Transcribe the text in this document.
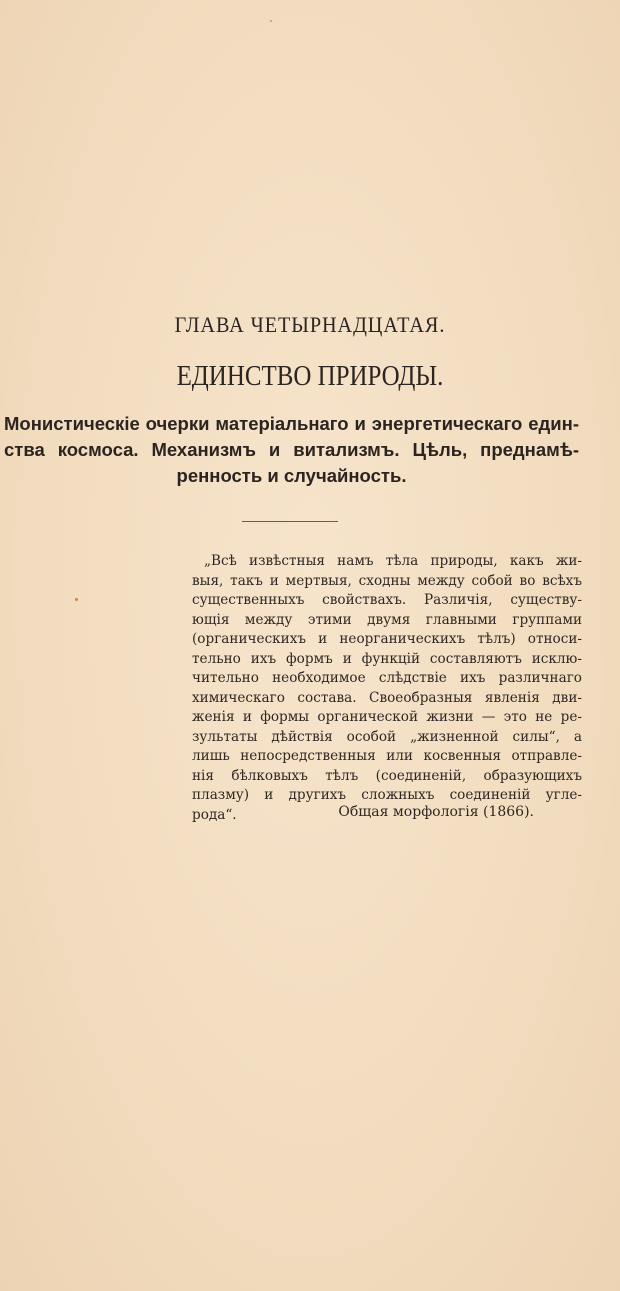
ГЛАВА ЧЕТЫРНАДЦАТАЯ.
ЕДИНСТВО ПРИРОДЫ.
Монистическіе очерки матеріальнаго и энергетическаго един-
ства космоса. Механизмъ и витализмъ. Цѣль, преднамѣ-
ренность и случайность.
„Всѣ извѣстныя намъ тѣла природы, какъ жи-
выя, такъ и мертвыя, сходны между собой во всѣхъ
существенныхъ свойствахъ. Различія, существу-
ющія между этими двумя главными группами
(органическихъ и неорганическихъ тѣлъ) относи-
тельно ихъ формъ и функцій составляютъ исклю-
чительно необходимое слѣдствіе ихъ различнаго
химическаго состава. Своеобразныя явленія дви-
женія и формы органической жизни — это не ре-
зультаты дѣйствія особой „жизненной силы“, а
лишь непосредственныя или косвенныя отправле-
нія бѣлковыхъ тѣлъ (соединеній, образующихъ
плазму) и другихъ сложныхъ соединеній угле-
рода“.	Общая морфологія (1866).
